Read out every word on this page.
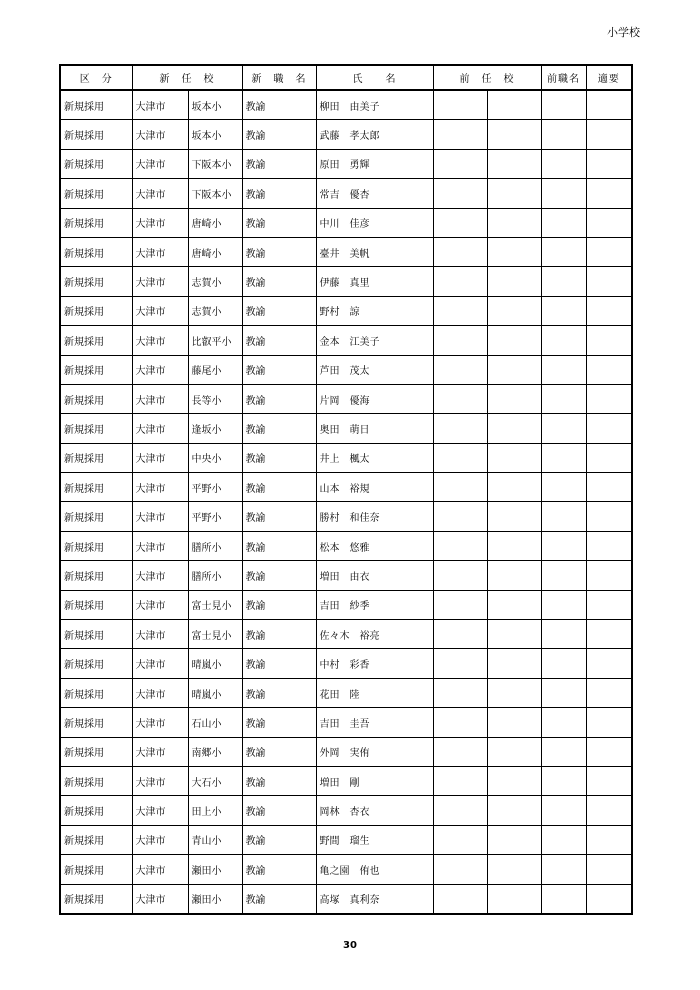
小学校
区　分	新　任　校		新　職　名	氏　　名	前　任　校		前職名	適要
新規採用	大津市	坂本小	教諭	柳田　由美子				
新規採用	大津市	坂本小	教諭	武藤　孝太郎				
新規採用	大津市	下阪本小	教諭	原田　勇輝				
新規採用	大津市	下阪本小	教諭	常吉　優杏				
新規採用	大津市	唐崎小	教諭	中川　佳彦				
新規採用	大津市	唐崎小	教諭	臺井　美帆				
新規採用	大津市	志賀小	教諭	伊藤　真里				
新規採用	大津市	志賀小	教諭	野村　諒				
新規採用	大津市	比叡平小	教諭	金本　江美子				
新規採用	大津市	藤尾小	教諭	芦田　茂太				
新規採用	大津市	長等小	教諭	片岡　優海				
新規採用	大津市	逢坂小	教諭	奥田　萌日				
新規採用	大津市	中央小	教諭	井上　楓太				
新規採用	大津市	平野小	教諭	山本　裕規				
新規採用	大津市	平野小	教諭	勝村　和佳奈				
新規採用	大津市	膳所小	教諭	松本　悠雅				
新規採用	大津市	膳所小	教諭	増田　由衣				
新規採用	大津市	富士見小	教諭	吉田　紗季				
新規採用	大津市	富士見小	教諭	佐々木　裕亮				
新規採用	大津市	晴嵐小	教諭	中村　彩香				
新規採用	大津市	晴嵐小	教諭	花田　陸				
新規採用	大津市	石山小	教諭	吉田　圭吾				
新規採用	大津市	南郷小	教諭	外岡　実侑				
新規採用	大津市	大石小	教諭	増田　剛				
新規採用	大津市	田上小	教諭	岡林　杏衣				
新規採用	大津市	青山小	教諭	野間　瑠生				
新規採用	大津市	瀬田小	教諭	亀之園　侑也				
新規採用	大津市	瀬田小	教諭	高塚　真利奈				
30
